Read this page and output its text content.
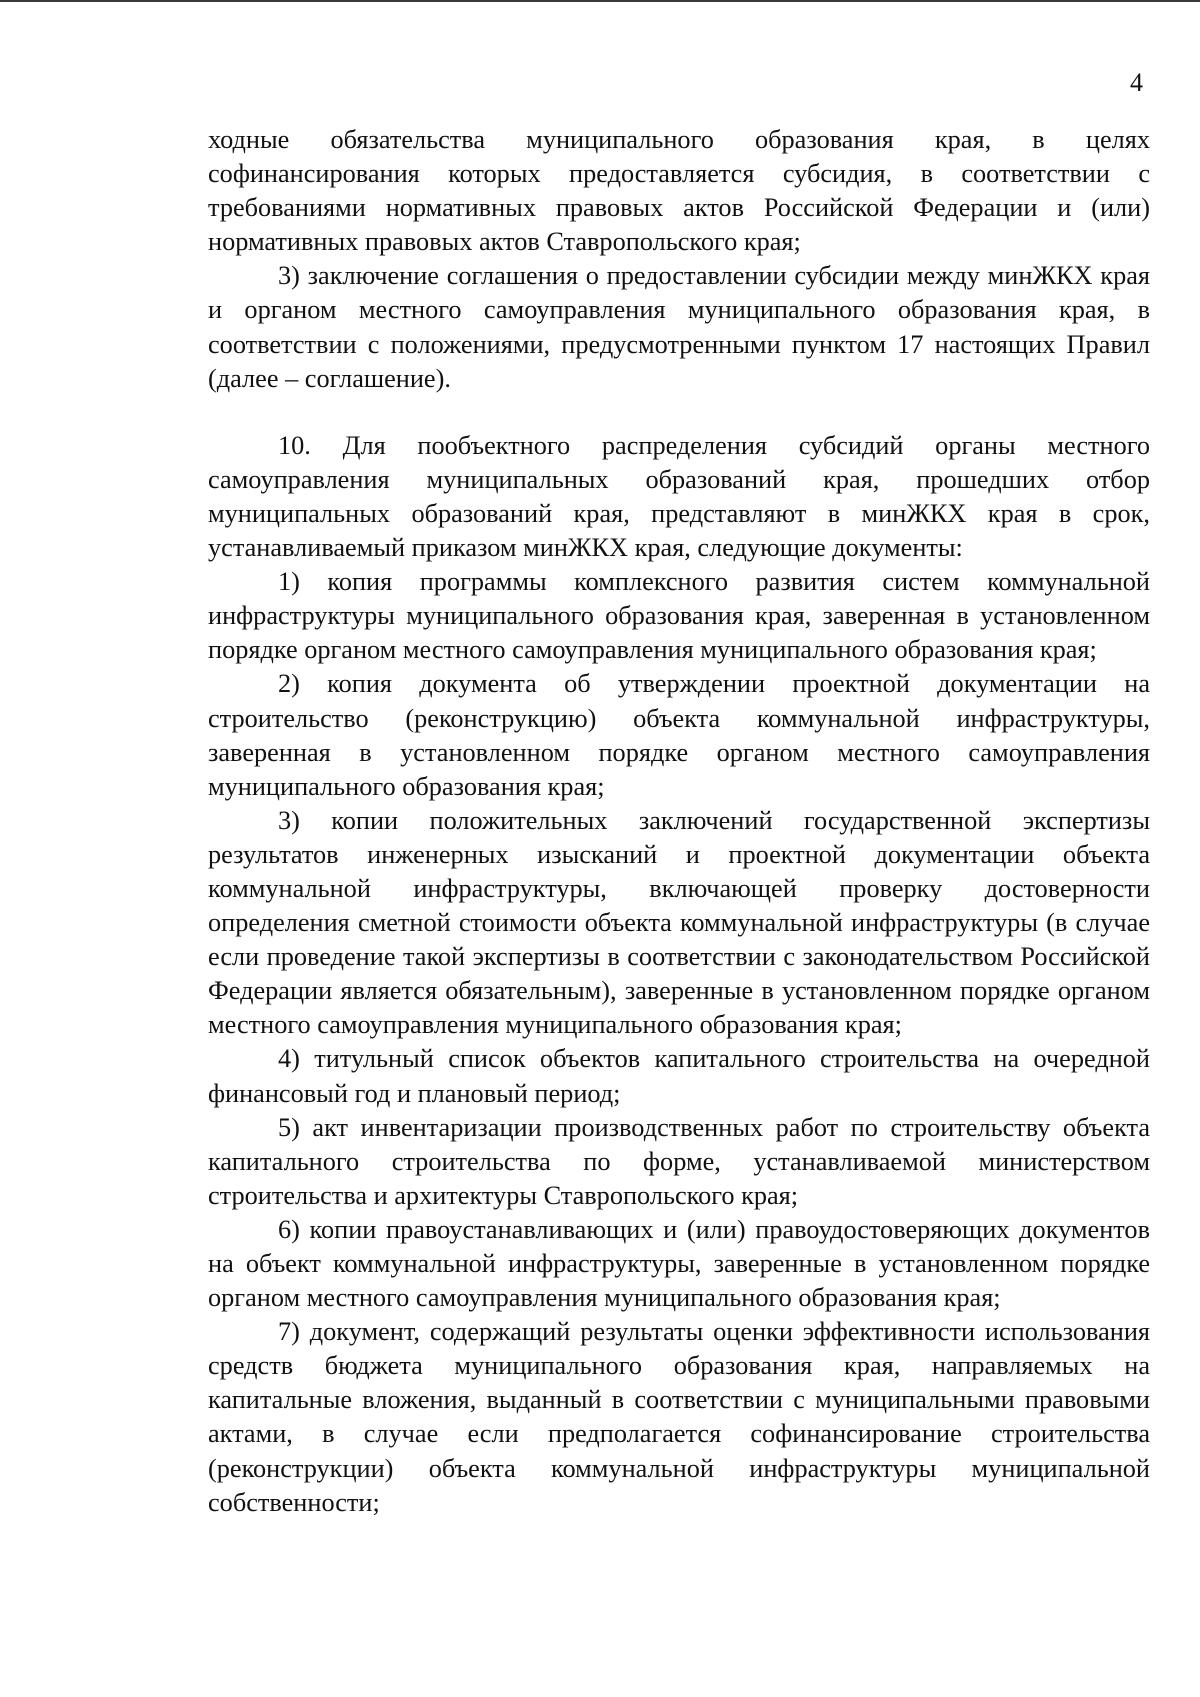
4

ходные обязательства муниципального образования края, в целях софинансирования которых предоставляется субсидия, в соответствии с требованиями нормативных правовых актов Российской Федерации и (или) нормативных правовых актов Ставропольского края;

3) заключение соглашения о предоставлении субсидии между минЖКХ края и органом местного самоуправления муниципального образования края, в соответствии с положениями, предусмотренными пунктом 17 настоящих Правил (далее – соглашение).

10. Для пообъектного распределения субсидий органы местного самоуправления муниципальных образований края, прошедших отбор муниципальных образований края, представляют в минЖКХ края в срок, устанавливаемый приказом минЖКХ края, следующие документы:

1) копия программы комплексного развития систем коммунальной инфраструктуры муниципального образования края, заверенная в установленном порядке органом местного самоуправления муниципального образования края;

2) копия документа об утверждении проектной документации на строительство (реконструкцию) объекта коммунальной инфраструктуры, заверенная в установленном порядке органом местного самоуправления муниципального образования края;

3) копии положительных заключений государственной экспертизы результатов инженерных изысканий и проектной документации объекта коммунальной инфраструктуры, включающей проверку достоверности определения сметной стоимости объекта коммунальной инфраструктуры (в случае если проведение такой экспертизы в соответствии с законодательством Российской Федерации является обязательным), заверенные в установленном порядке органом местного самоуправления муниципального образования края;

4) титульный список объектов капитального строительства на очередной финансовый год и плановый период;

5) акт инвентаризации производственных работ по строительству объекта капитального строительства по форме, устанавливаемой министерством строительства и архитектуры Ставропольского края;

6) копии правоустанавливающих и (или) правоудостоверяющих документов на объект коммунальной инфраструктуры, заверенные в установленном порядке органом местного самоуправления муниципального образования края;

7) документ, содержащий результаты оценки эффективности использования средств бюджета муниципального образования края, направляемых на капитальные вложения, выданный в соответствии с муниципальными правовыми актами, в случае если предполагается софинансирование строительства (реконструкции) объекта коммунальной инфраструктуры муниципальной собственности;
